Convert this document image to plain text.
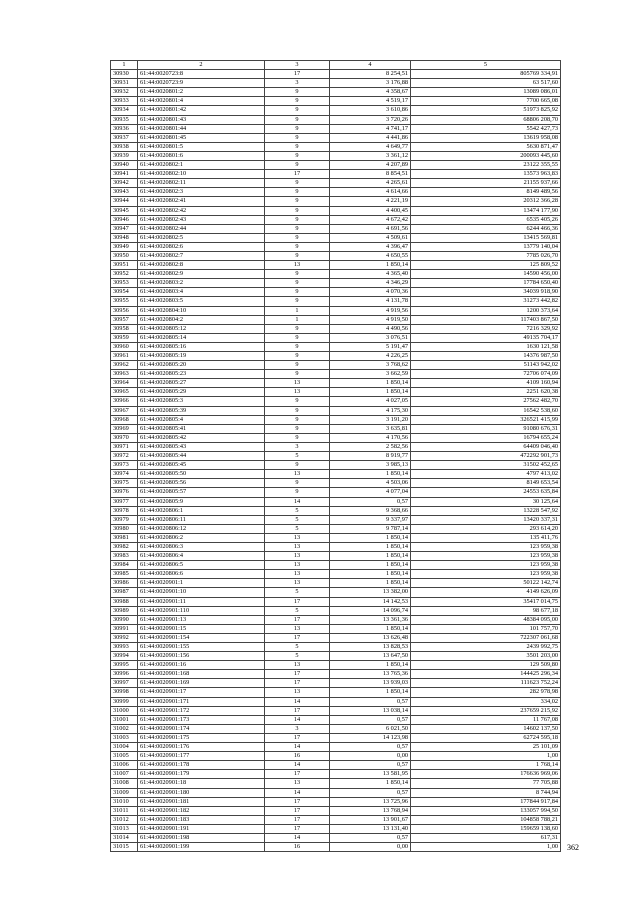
1	2	3	4	5
30930	61:44:0020723:8	17	8 254,51	805769 334,91
30931	61:44:0020723:9	3	3 176,88	63 517,60
30932	61:44:0020801:2	9	4 358,67	13089 086,01
30933	61:44:0020801:4	9	4 519,17	7700 665,08
30934	61:44:0020801:42	9	3 610,86	51973 825,92
30935	61:44:0020801:43	9	3 720,26	68806 208,70
30936	61:44:0020801:44	9	4 741,17	5542 427,73
30937	61:44:0020801:45	9	4 441,86	13619 958,08
30938	61:44:0020801:5	9	4 649,77	5630 871,47
30939	61:44:0020801:6	9	3 361,12	200093 445,60
30940	61:44:0020802:1	9	4 207,89	23122 355,55
30941	61:44:0020802:10	17	8 854,51	13573 963,83
30942	61:44:0020802:11	9	4 265,61	21155 937,66
30943	61:44:0020802:3	9	4 614,66	8149 489,56
30944	61:44:0020802:41	9	4 221,19	20312 366,28
30945	61:44:0020802:42	9	4 400,45	13474 177,90
30946	61:44:0020802:43	9	4 672,42	6535 405,26
30947	61:44:0020802:44	9	4 691,56	6244 466,36
30948	61:44:0020802:5	9	4 509,61	13415 569,81
30949	61:44:0020802:6	9	4 396,47	13779 140,04
30950	61:44:0020802:7	9	4 650,55	7785 026,70
30951	61:44:0020802:8	13	1 850,14	125 809,52
30952	61:44:0020802:9	9	4 365,40	14590 456,00
30953	61:44:0020803:2	9	4 346,29	17784 650,40
30954	61:44:0020803:4	9	4 070,36	34039 918,90
30955	61:44:0020803:5	9	4 131,78	31273 442,82
30956	61:44:0020804:10	1	4 919,56	1200 373,64
30957	61:44:0020804:2	1	4 919,50	117403 867,50
30958	61:44:0020805:12	9	4 490,56	7216 329,92
30959	61:44:0020805:14	9	3 076,51	49135 704,17
30960	61:44:0020805:16	9	5 191,47	1630 121,58
30961	61:44:0020805:19	9	4 226,25	14376 987,50
30962	61:44:0020805:20	9	3 768,62	51143 942,02
30963	61:44:0020805:23	9	3 662,59	72706 074,09
30964	61:44:0020805:27	13	1 850,14	4109 160,94
30965	61:44:0020805:29	13	1 850,14	2251 620,38
30966	61:44:0020805:3	9	4 027,05	27562 482,70
30967	61:44:0020805:39	9	4 175,30	16542 538,60
30968	61:44:0020805:4	9	3 191,20	326521 415,99
30969	61:44:0020805:41	9	3 635,81	91080 676,31
30970	61:44:0020805:42	9	4 170,56	16794 655,24
30971	61:44:0020805:43	3	2 582,56	64409 046,40
30972	61:44:0020805:44	5	8 919,77	472292 901,73
30973	61:44:0020805:45	9	3 985,13	31502 452,65
30974	61:44:0020805:50	13	1 850,14	4797 413,02
30975	61:44:0020805:56	9	4 503,06	8149 653,54
30976	61:44:0020805:57	9	4 077,04	24553 635,84
30977	61:44:0020805:9	14	0,57	30 125,64
30978	61:44:0020806:1	5	9 368,66	13228 547,92
30979	61:44:0020806:11	5	9 337,97	13420 337,31
30980	61:44:0020806:12	5	9 787,14	293 614,20
30981	61:44:0020806:2	13	1 850,14	135 411,76
30982	61:44:0020806:3	13	1 850,14	123 959,38
30983	61:44:0020806:4	13	1 850,14	123 959,38
30984	61:44:0020806:5	13	1 850,14	123 959,38
30985	61:44:0020806:6	13	1 850,14	123 959,38
30986	61:44:0020901:1	13	1 850,14	50122 142,74
30987	61:44:0020901:10	5	13 382,00	4149 626,09
30988	61:44:0020901:11	17	14 142,53	35417 014,75
30989	61:44:0020901:110	5	14 096,74	98 677,18
30990	61:44:0020901:13	17	13 361,36	48384 095,00
30991	61:44:0020901:15	13	1 850,14	101 757,70
30992	61:44:0020901:154	17	13 626,48	722307 061,68
30993	61:44:0020901:155	5	13 828,53	2439 992,75
30994	61:44:0020901:156	5	13 647,50	3501 203,00
30995	61:44:0020901:16	13	1 850,14	129 509,80
30996	61:44:0020901:168	17	13 765,36	144425 296,34
30997	61:44:0020901:169	17	13 939,03	111623 752,24
30998	61:44:0020901:17	13	1 850,14	282 978,98
30999	61:44:0020901:171	14	0,57	334,02
31000	61:44:0020901:172	17	13 038,14	237659 215,92
31001	61:44:0020901:173	14	0,57	11 767,08
31002	61:44:0020901:174	3	6 021,50	14602 137,50
31003	61:44:0020901:175	17	14 123,98	62724 595,18
31004	61:44:0020901:176	14	0,57	25 101,09
31005	61:44:0020901:177	16	0,00	1,00
31006	61:44:0020901:178	14	0,57	1 768,14
31007	61:44:0020901:179	17	13 581,95	176636 969,06
31008	61:44:0020901:18	13	1 850,14	77 705,88
31009	61:44:0020901:180	14	0,57	8 744,94
31010	61:44:0020901:181	17	13 725,96	177844 917,84
31011	61:44:0020901:182	17	13 768,94	133057 994,50
31012	61:44:0020901:183	17	13 901,67	104858 788,21
31013	61:44:0020901:191	17	13 131,40	159659 138,60
31014	61:44:0020901:198	14	0,57	617,31
31015	61:44:0020901:199	16	0,00	1,00 362
